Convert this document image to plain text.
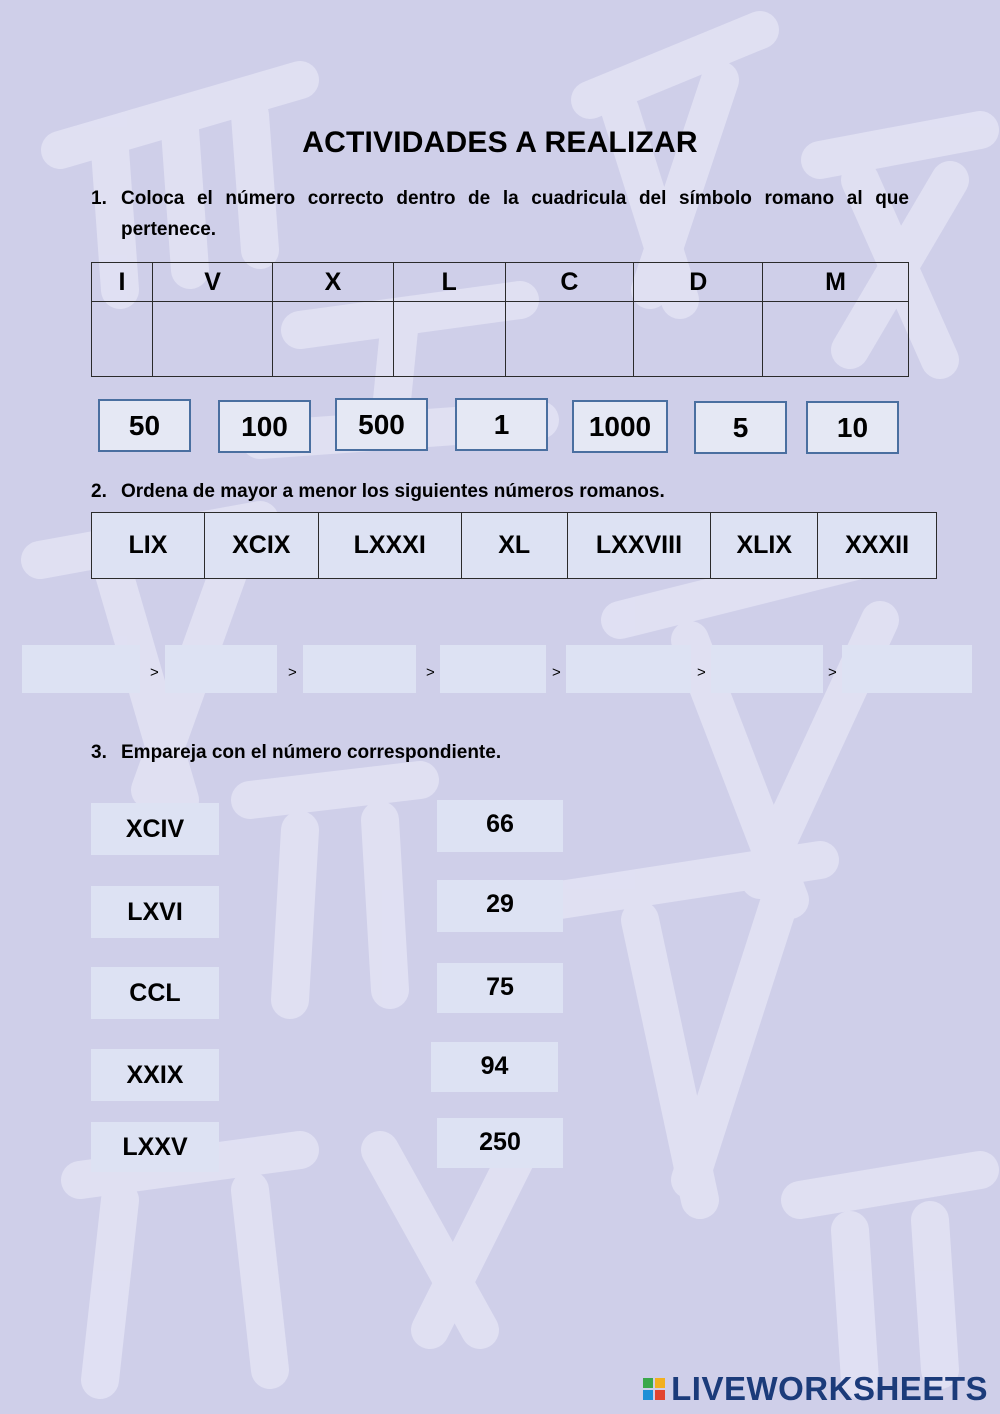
ACTIVIDADES A REALIZAR
1. Coloca el número correcto dentro de la cuadricula del símbolo romano al que pertenece.
I	V	X	L	C	D	M

50	100	500	1	1000	5	10
2. Ordena de mayor a menor los siguientes números romanos.
LIX	XCIX	LXXXI	XL	LXXVIII	XLIX	XXXII
>	>	>	>	>	>
3. Empareja con el número correspondiente.
XCIV
LXVI
CCL
XXIX
LXXV
66
29
75
94
250
LIVEWORKSHEETS
